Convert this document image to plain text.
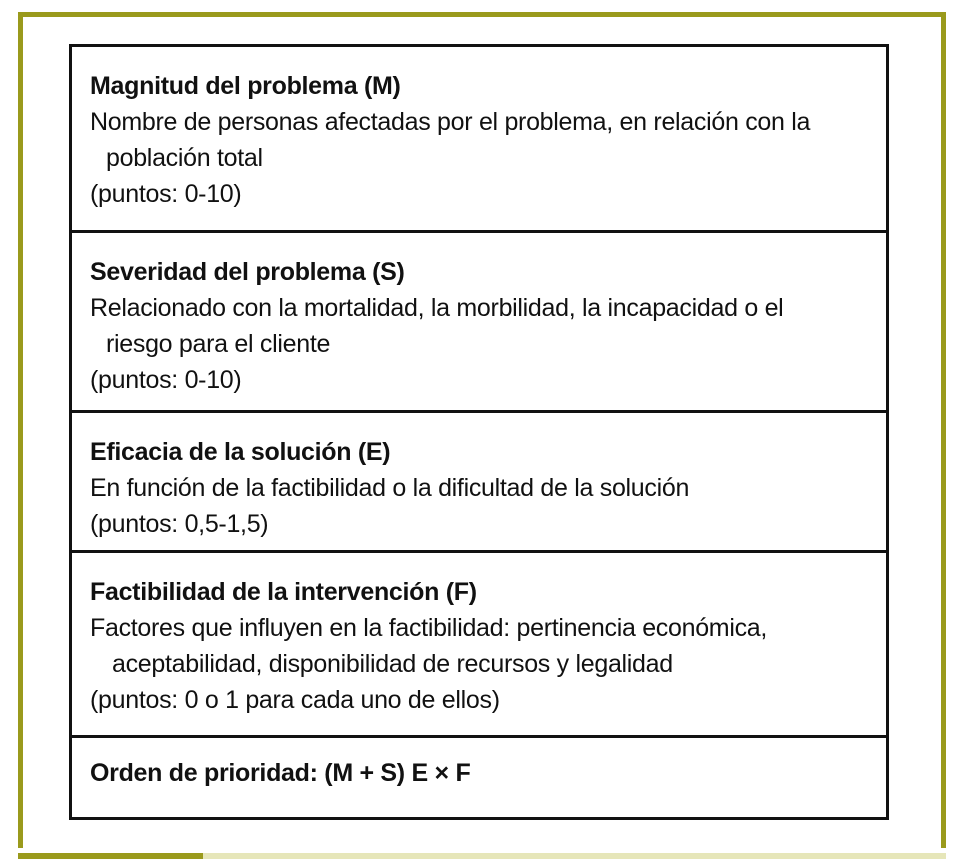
Magnitud del problema (M)
Nombre de personas afectadas por el problema, en relación con la
población total
(puntos: 0-10)
Severidad del problema (S)
Relacionado con la mortalidad, la morbilidad, la incapacidad o el
riesgo para el cliente
(puntos: 0-10)
Eficacia de la solución (E)
En función de la factibilidad o la dificultad de la solución
(puntos: 0,5-1,5)
Factibilidad de la intervención (F)
Factores que influyen en la factibilidad: pertinencia económica,
aceptabilidad, disponibilidad de recursos y legalidad
(puntos: 0 o 1 para cada uno de ellos)
Orden de prioridad: (M + S) E × F
